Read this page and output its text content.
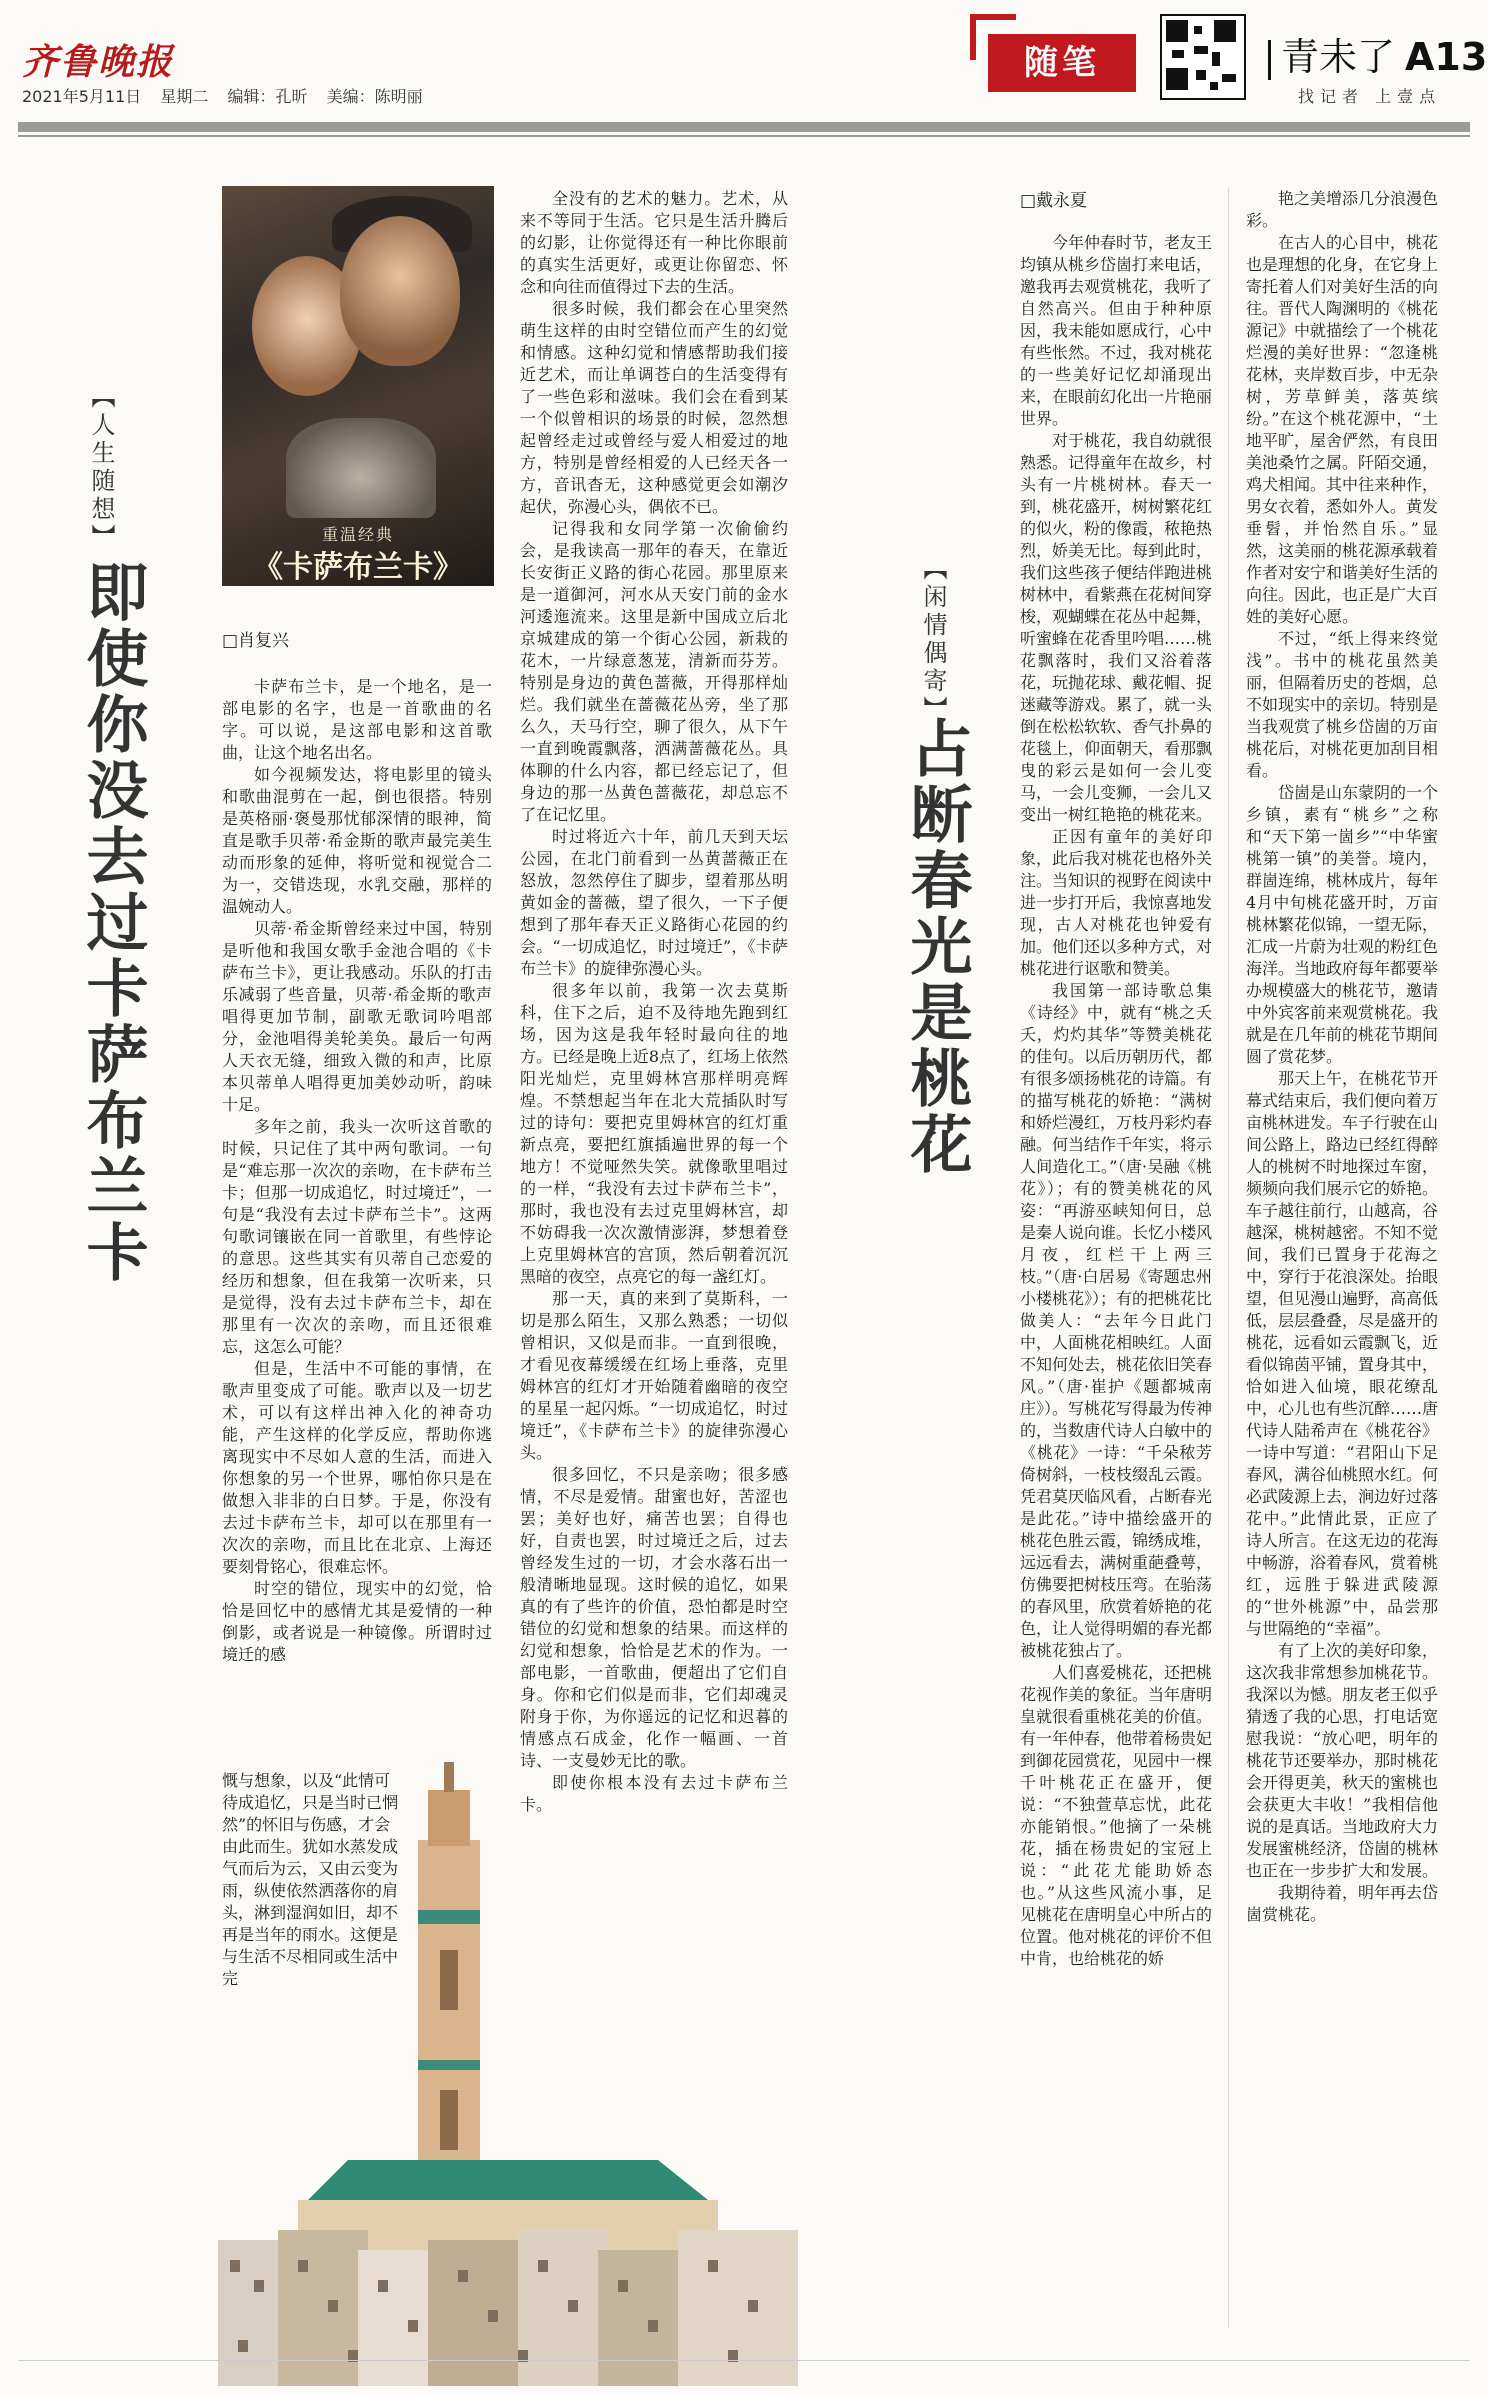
齐鲁晚报
2021年5月11日 星期二 编辑：孔昕 美编：陈明丽
随笔	青未了 A13
找记者 上壹点
重温经典
《卡萨布兰卡》
【人生随想】
即使你没去过卡萨布兰卡	□肖复兴

卡萨布兰卡，是一个地名，是一部电影的名字，也是一首歌曲的名字。可以说，是这部电影和这首歌曲，让这个地名出名。

如今视频发达，将电影里的镜头和歌曲混剪在一起，倒也很搭。特别是英格丽·褒曼那忧郁深情的眼神，简直是歌手贝蒂·希金斯的歌声最完美生动而形象的延伸，将听觉和视觉合二为一，交错迭现，水乳交融，那样的温婉动人。

贝蒂·希金斯曾经来过中国，特别是听他和我国女歌手金池合唱的《卡萨布兰卡》，更让我感动。乐队的打击乐减弱了些音量，贝蒂·希金斯的歌声唱得更加节制，副歌无歌词吟唱部分，金池唱得美轮美奂。最后一句两人天衣无缝，细致入微的和声，比原本贝蒂单人唱得更加美妙动听，韵味十足。

多年之前，我头一次听这首歌的时候，只记住了其中两句歌词。一句是“难忘那一次次的亲吻，在卡萨布兰卡；但那一切成追忆，时过境迁”，一句是“我没有去过卡萨布兰卡”。这两句歌词镶嵌在同一首歌里，有些悖论的意思。这些其实有贝蒂自己恋爱的经历和想象，但在我第一次听来，只是觉得，没有去过卡萨布兰卡，却在那里有一次次的亲吻，而且还很难忘，这怎么可能？

但是，生活中不可能的事情，在歌声里变成了可能。歌声以及一切艺术，可以有这样出神入化的神奇功能，产生这样的化学反应，帮助你逃离现实中不尽如人意的生活，而进入你想象的另一个世界，哪怕你只是在做想入非非的白日梦。于是，你没有去过卡萨布兰卡，却可以在那里有一次次的亲吻，而且比在北京、上海还要刻骨铭心，很难忘怀。

时空的错位，现实中的幻觉，恰恰是回忆中的感情尤其是爱情的一种倒影，或者说是一种镜像。所谓时过境迁的感

慨与想象，以及“此情可待成追忆，只是当时已惘然”的怀旧与伤感，才会由此而生。犹如水蒸发成气而后为云，又由云变为雨，纵使依然洒落你的肩头，淋到湿润如旧，却不再是当年的雨水。这便是与生活不尽相同或生活中完

全没有的艺术的魅力。艺术，从来不等同于生活。它只是生活升腾后的幻影，让你觉得还有一种比你眼前的真实生活更好，或更让你留恋、怀念和向往而值得过下去的生活。

很多时候，我们都会在心里突然萌生这样的由时空错位而产生的幻觉和情感。这种幻觉和情感帮助我们接近艺术，而让单调苍白的生活变得有了一些色彩和滋味。我们会在看到某一个似曾相识的场景的时候，忽然想起曾经走过或曾经与爱人相爱过的地方，特别是曾经相爱的人已经天各一方，音讯杳无，这种感觉更会如潮汐起伏，弥漫心头，偶依不已。

记得我和女同学第一次偷偷约会，是我读高一那年的春天，在靠近长安街正义路的街心花园。那里原来是一道御河，河水从天安门前的金水河逶迤流来。这里是新中国成立后北京城建成的第一个街心公园，新栽的花木，一片绿意葱茏，清新而芬芳。特别是身边的黄色蔷薇，开得那样灿烂。我们就坐在蔷薇花丛旁，坐了那么久，天马行空，聊了很久，从下午一直到晚霞飘落，洒满蔷薇花丛。具体聊的什么内容，都已经忘记了，但身边的那一丛黄色蔷薇花，却总忘不了在记忆里。

时过将近六十年，前几天到天坛公园，在北门前看到一丛黄蔷薇正在怒放，忽然停住了脚步，望着那丛明黄如金的蔷薇，望了很久，一下子便想到了那年春天正义路街心花园的约会。“一切成追忆，时过境迁”，《卡萨布兰卡》的旋律弥漫心头。

很多年以前，我第一次去莫斯科，住下之后，迫不及待地先跑到红场，因为这是我年轻时最向往的地方。已经是晚上近8点了，红场上依然阳光灿烂，克里姆林宫那样明亮辉煌。不禁想起当年在北大荒插队时写过的诗句：要把克里姆林宫的红灯重新点亮，要把红旗插遍世界的每一个地方！不觉哑然失笑。就像歌里唱过的一样，“我没有去过卡萨布兰卡”，那时，我也没有去过克里姆林宫，却不妨碍我一次次激情澎湃，梦想着登上克里姆林宫的宫顶，然后朝着沉沉黑暗的夜空，点亮它的每一盏红灯。

那一天，真的来到了莫斯科，一切是那么陌生，又那么熟悉；一切似曾相识，又似是而非。一直到很晚，才看见夜幕缓缓在红场上垂落，克里姆林宫的红灯才开始随着幽暗的夜空的星星一起闪烁。“一切成追忆，时过境迁”，《卡萨布兰卡》的旋律弥漫心头。

很多回忆，不只是亲吻；很多感情，不尽是爱情。甜蜜也好，苦涩也罢；美好也好，痛苦也罢；自得也好，自责也罢，时过境迁之后，过去曾经发生过的一切，才会水落石出一般清晰地显现。这时候的追忆，如果真的有了些许的价值，恐怕都是时空错位的幻觉和想象的结果。而这样的幻觉和想象，恰恰是艺术的作为。一部电影，一首歌曲，便超出了它们自身。你和它们似是而非，它们却魂灵附身于你，为你遥远的记忆和迟暮的情感点石成金，化作一幅画、一首诗、一支曼妙无比的歌。

即使你根本没有去过卡萨布兰卡。

□戴永夏
【闲情偶寄】
占断春光是桃花

今年仲春时节，老友王均镇从桃乡岱崮打来电话，邀我再去观赏桃花，我听了自然高兴。但由于种种原因，我未能如愿成行，心中有些怅然。不过，我对桃花的一些美好记忆却涌现出来，在眼前幻化出一片艳丽世界。

对于桃花，我自幼就很熟悉。记得童年在故乡，村头有一片桃树林。春天一到，桃花盛开，树树繁花红的似火，粉的像霞，秾艳热烈，娇美无比。每到此时，我们这些孩子便结伴跑进桃树林中，看紫燕在花树间穿梭，观蝴蝶在花丛中起舞，听蜜蜂在花香里吟唱……桃花飘落时，我们又浴着落花，玩抛花球、戴花帽、捉迷藏等游戏。累了，就一头倒在松松软软、香气扑鼻的花毯上，仰面朝天，看那飘曳的彩云是如何一会儿变马，一会儿变狮，一会儿又变出一树红艳艳的桃花来。

正因有童年的美好印象，此后我对桃花也格外关注。当知识的视野在阅读中进一步打开后，我惊喜地发现，古人对桃花也钟爱有加。他们还以多种方式，对桃花进行讴歌和赞美。

我国第一部诗歌总集《诗经》中，就有“桃之夭夭，灼灼其华”等赞美桃花的佳句。以后历朝历代，都有很多颂扬桃花的诗篇。有的描写桃花的娇艳：“满树和娇烂漫红，万枝丹彩灼春融。何当结作千年实，将示人间造化工。”（唐·吴融《桃花》）；有的赞美桃花的风姿：“再游巫峡知何日，总是秦人说向谁。长忆小楼风月夜，红栏干上两三枝。”（唐·白居易《寄题忠州小楼桃花》）；有的把桃花比做美人：“去年今日此门中，人面桃花相映红。人面不知何处去，桃花依旧笑春风。”（唐·崔护《题都城南庄》）。写桃花写得最为传神的，当数唐代诗人白敏中的《桃花》一诗：“千朵秾芳倚树斜，一枝枝缀乱云霞。凭君莫厌临风看，占断春光是此花。”诗中描绘盛开的桃花色胜云霞，锦绣成堆，远远看去，满树重葩叠萼，仿佛要把树枝压弯。在骀荡的春风里，欣赏着娇艳的花色，让人觉得明媚的春光都被桃花独占了。

人们喜爱桃花，还把桃花视作美的象征。当年唐明皇就很看重桃花美的价值。有一年仲春，他带着杨贵妃到御花园赏花，见园中一棵千叶桃花正在盛开，便说：“不独萱草忘忧，此花亦能销恨。”他摘了一朵桃花，插在杨贵妃的宝冠上说：“此花尤能助娇态也。”从这些风流小事，足见桃花在唐明皇心中所占的位置。他对桃花的评价不但中肯，也给桃花的娇

艳之美增添几分浪漫色彩。

在古人的心目中，桃花也是理想的化身，在它身上寄托着人们对美好生活的向往。晋代人陶渊明的《桃花源记》中就描绘了一个桃花烂漫的美好世界：“忽逢桃花林，夹岸数百步，中无杂树，芳草鲜美，落英缤纷。”在这个桃花源中，“土地平旷，屋舍俨然，有良田美池桑竹之属。阡陌交通，鸡犬相闻。其中往来种作，男女衣着，悉如外人。黄发垂髫，并怡然自乐。”显然，这美丽的桃花源承载着作者对安宁和谐美好生活的向往。因此，也正是广大百姓的美好心愿。

不过，“纸上得来终觉浅”。书中的桃花虽然美丽，但隔着历史的苍烟，总不如现实中的亲切。特别是当我观赏了桃乡岱崮的万亩桃花后，对桃花更加刮目相看。

岱崮是山东蒙阴的一个乡镇，素有“桃乡”之称和“天下第一崮乡”“中华蜜桃第一镇”的美誉。境内，群崮连绵，桃林成片，每年4月中旬桃花盛开时，万亩桃林繁花似锦，一望无际，汇成一片蔚为壮观的粉红色海洋。当地政府每年都要举办规模盛大的桃花节，邀请中外宾客前来观赏桃花。我就是在几年前的桃花节期间圆了赏花梦。

那天上午，在桃花节开幕式结束后，我们便向着万亩桃林进发。车子行驶在山间公路上，路边已经红得醉人的桃树不时地探过车窗，频频向我们展示它的娇艳。车子越往前行，山越高，谷越深，桃树越密。不知不觉间，我们已置身于花海之中，穿行于花浪深处。抬眼望，但见漫山遍野，高高低低，层层叠叠，尽是盛开的桃花，远看如云霞飘飞，近看似锦茵平铺，置身其中，恰如进入仙境，眼花缭乱中，心儿也有些沉醉……唐代诗人陆希声在《桃花谷》一诗中写道：“君阳山下足春风，满谷仙桃照水红。何必武陵源上去，涧边好过落花中。”此情此景，正应了诗人所言。在这无边的花海中畅游，浴着春风，赏着桃红，远胜于躲进武陵源的“世外桃源”中，品尝那与世隔绝的“幸福”。

有了上次的美好印象，这次我非常想参加桃花节。我深以为憾。朋友老王似乎猜透了我的心思，打电话宽慰我说：“放心吧，明年的桃花节还要举办，那时桃花会开得更美，秋天的蜜桃也会获更大丰收！”我相信他说的是真话。当地政府大力发展蜜桃经济，岱崮的桃林也正在一步步扩大和发展。

我期待着，明年再去岱崮赏桃花。
